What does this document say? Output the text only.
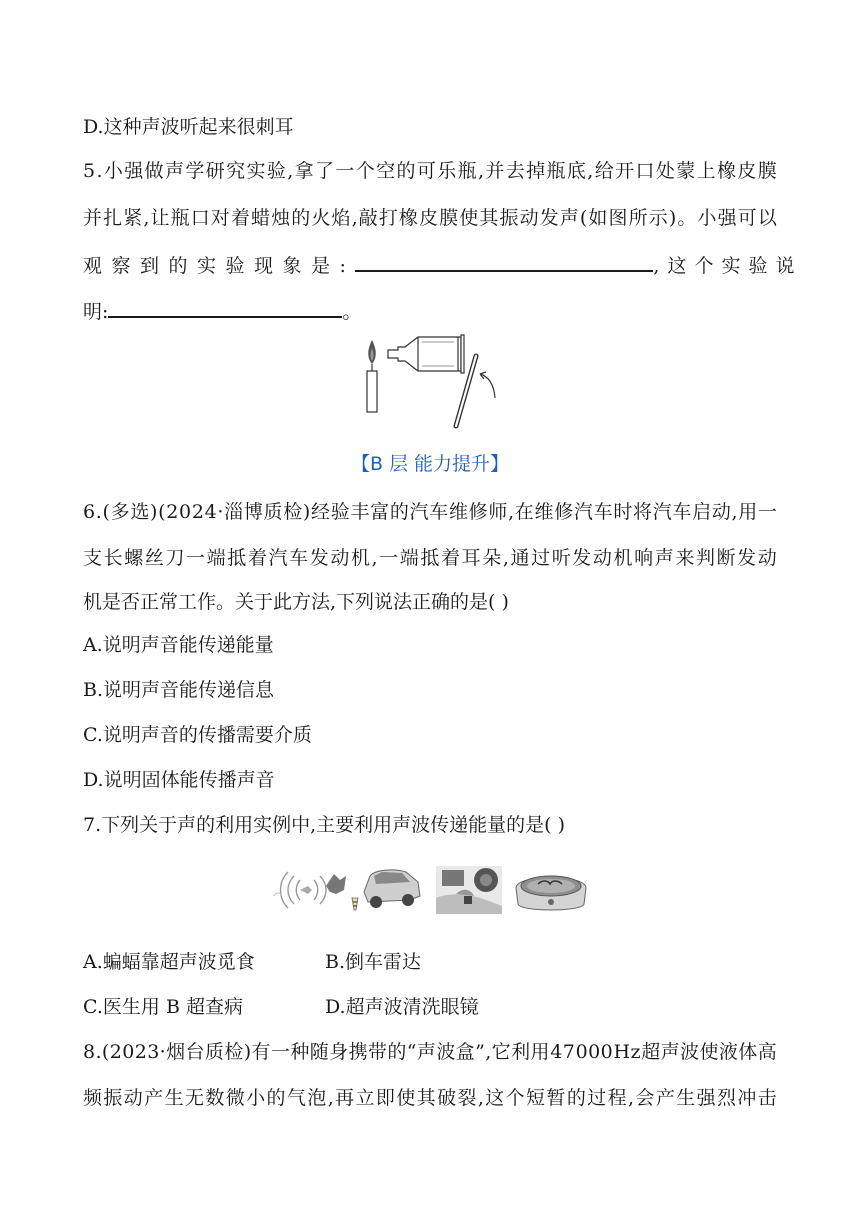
D.这种声波听起来很刺耳
5 . 小 强 做 声 学 研 究 实 验 , 拿 了 一 个 空 的 可 乐 瓶 , 并 去 掉 瓶 底 , 给 开 口 处 蒙 上 橡 皮 膜
并 扎 紧 , 让 瓶 口 对 着 蜡 烛 的 火 焰 , 敲 打 橡 皮 膜 使 其 振 动 发 声 ( 如 图 所 示 ) 。 小 强 可 以
观察到的实验现象是:	,这个实验说
明:	。
【B 层 能力提升】
6 . ( 多 选 ) ( 2 0 2 4 · 淄 博 质 检 ) 经 验 丰 富 的 汽 车 维 修 师 , 在 维 修 汽 车 时 将 汽 车 启 动 , 用 一
支 长 螺 丝 刀 一 端 抵 着 汽 车 发 动 机 , 一 端 抵 着 耳 朵 , 通 过 听 发 动 机 响 声 来 判 断 发 动
机是否正常工作。关于此方法,下列说法正确的是( )
A.说明声音能传递能量
B.说明声音能传递信息
C.说明声音的传播需要介质
D.说明固体能传播声音
7.下列关于声的利用实例中,主要利用声波传递能量的是( )
A.蝙蝠靠超声波觅食	B.倒车雷达
C.医生用 B 超查病	D.超声波清洗眼镜
8 . ( 2 0 2 3 · 烟 台 质 检 ) 有 一 种 随 身 携 带 的 “ 声 波 盒 ” , 它 利 用 4 7 0 0 0 H z 超 声 波 使 液 体 高
频 振 动 产 生 无 数 微 小 的 气 泡 , 再 立 即 使 其 破 裂 , 这 个 短 暂 的 过 程 , 会 产 生 强 烈 冲 击
